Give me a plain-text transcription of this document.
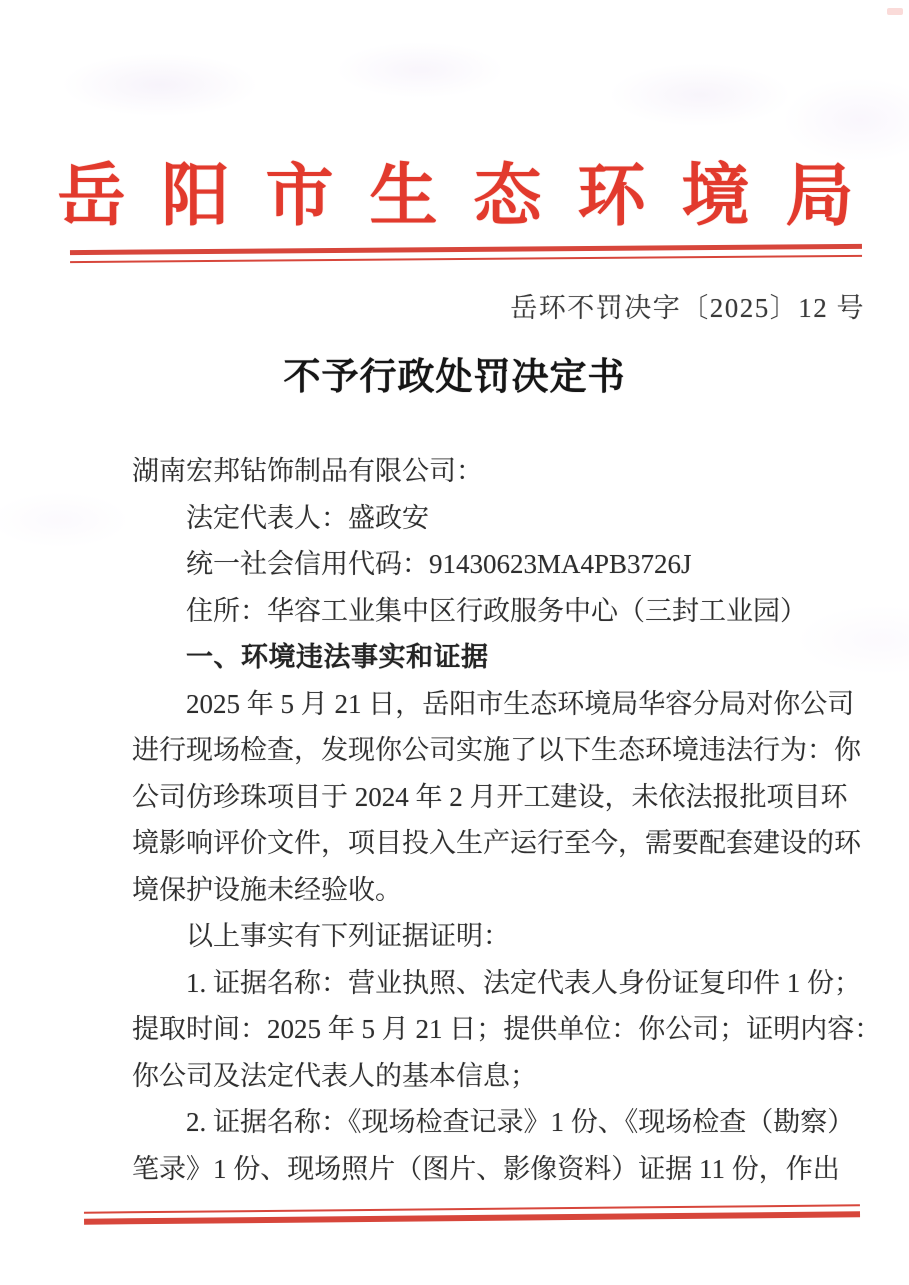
岳阳市生态环境局
岳环不罚决字〔2025〕12 号
不予行政处罚决定书

湖南宏邦钻饰制品有限公司：

法定代表人：盛政安

统一社会信用代码：91430623MA4PB3726J

住所：华容工业集中区行政服务中心（三封工业园）

一、环境违法事实和证据

2025 年 5 月 21 日，岳阳市生态环境局华容分局对你公司

进行现场检查，发现你公司实施了以下生态环境违法行为：你

公司仿珍珠项目于 2024 年 2 月开工建设，未依法报批项目环

境影响评价文件，项目投入生产运行至今，需要配套建设的环

境保护设施未经验收。

以上事实有下列证据证明：

1. 证据名称：营业执照、法定代表人身份证复印件 1 份；

提取时间：2025 年 5 月 21 日；提供单位：你公司；证明内容：

你公司及法定代表人的基本信息；

2. 证据名称：《现场检查记录》1 份、《现场检查（勘察）

笔录》1 份、现场照片（图片、影像资料）证据 11 份，作出
